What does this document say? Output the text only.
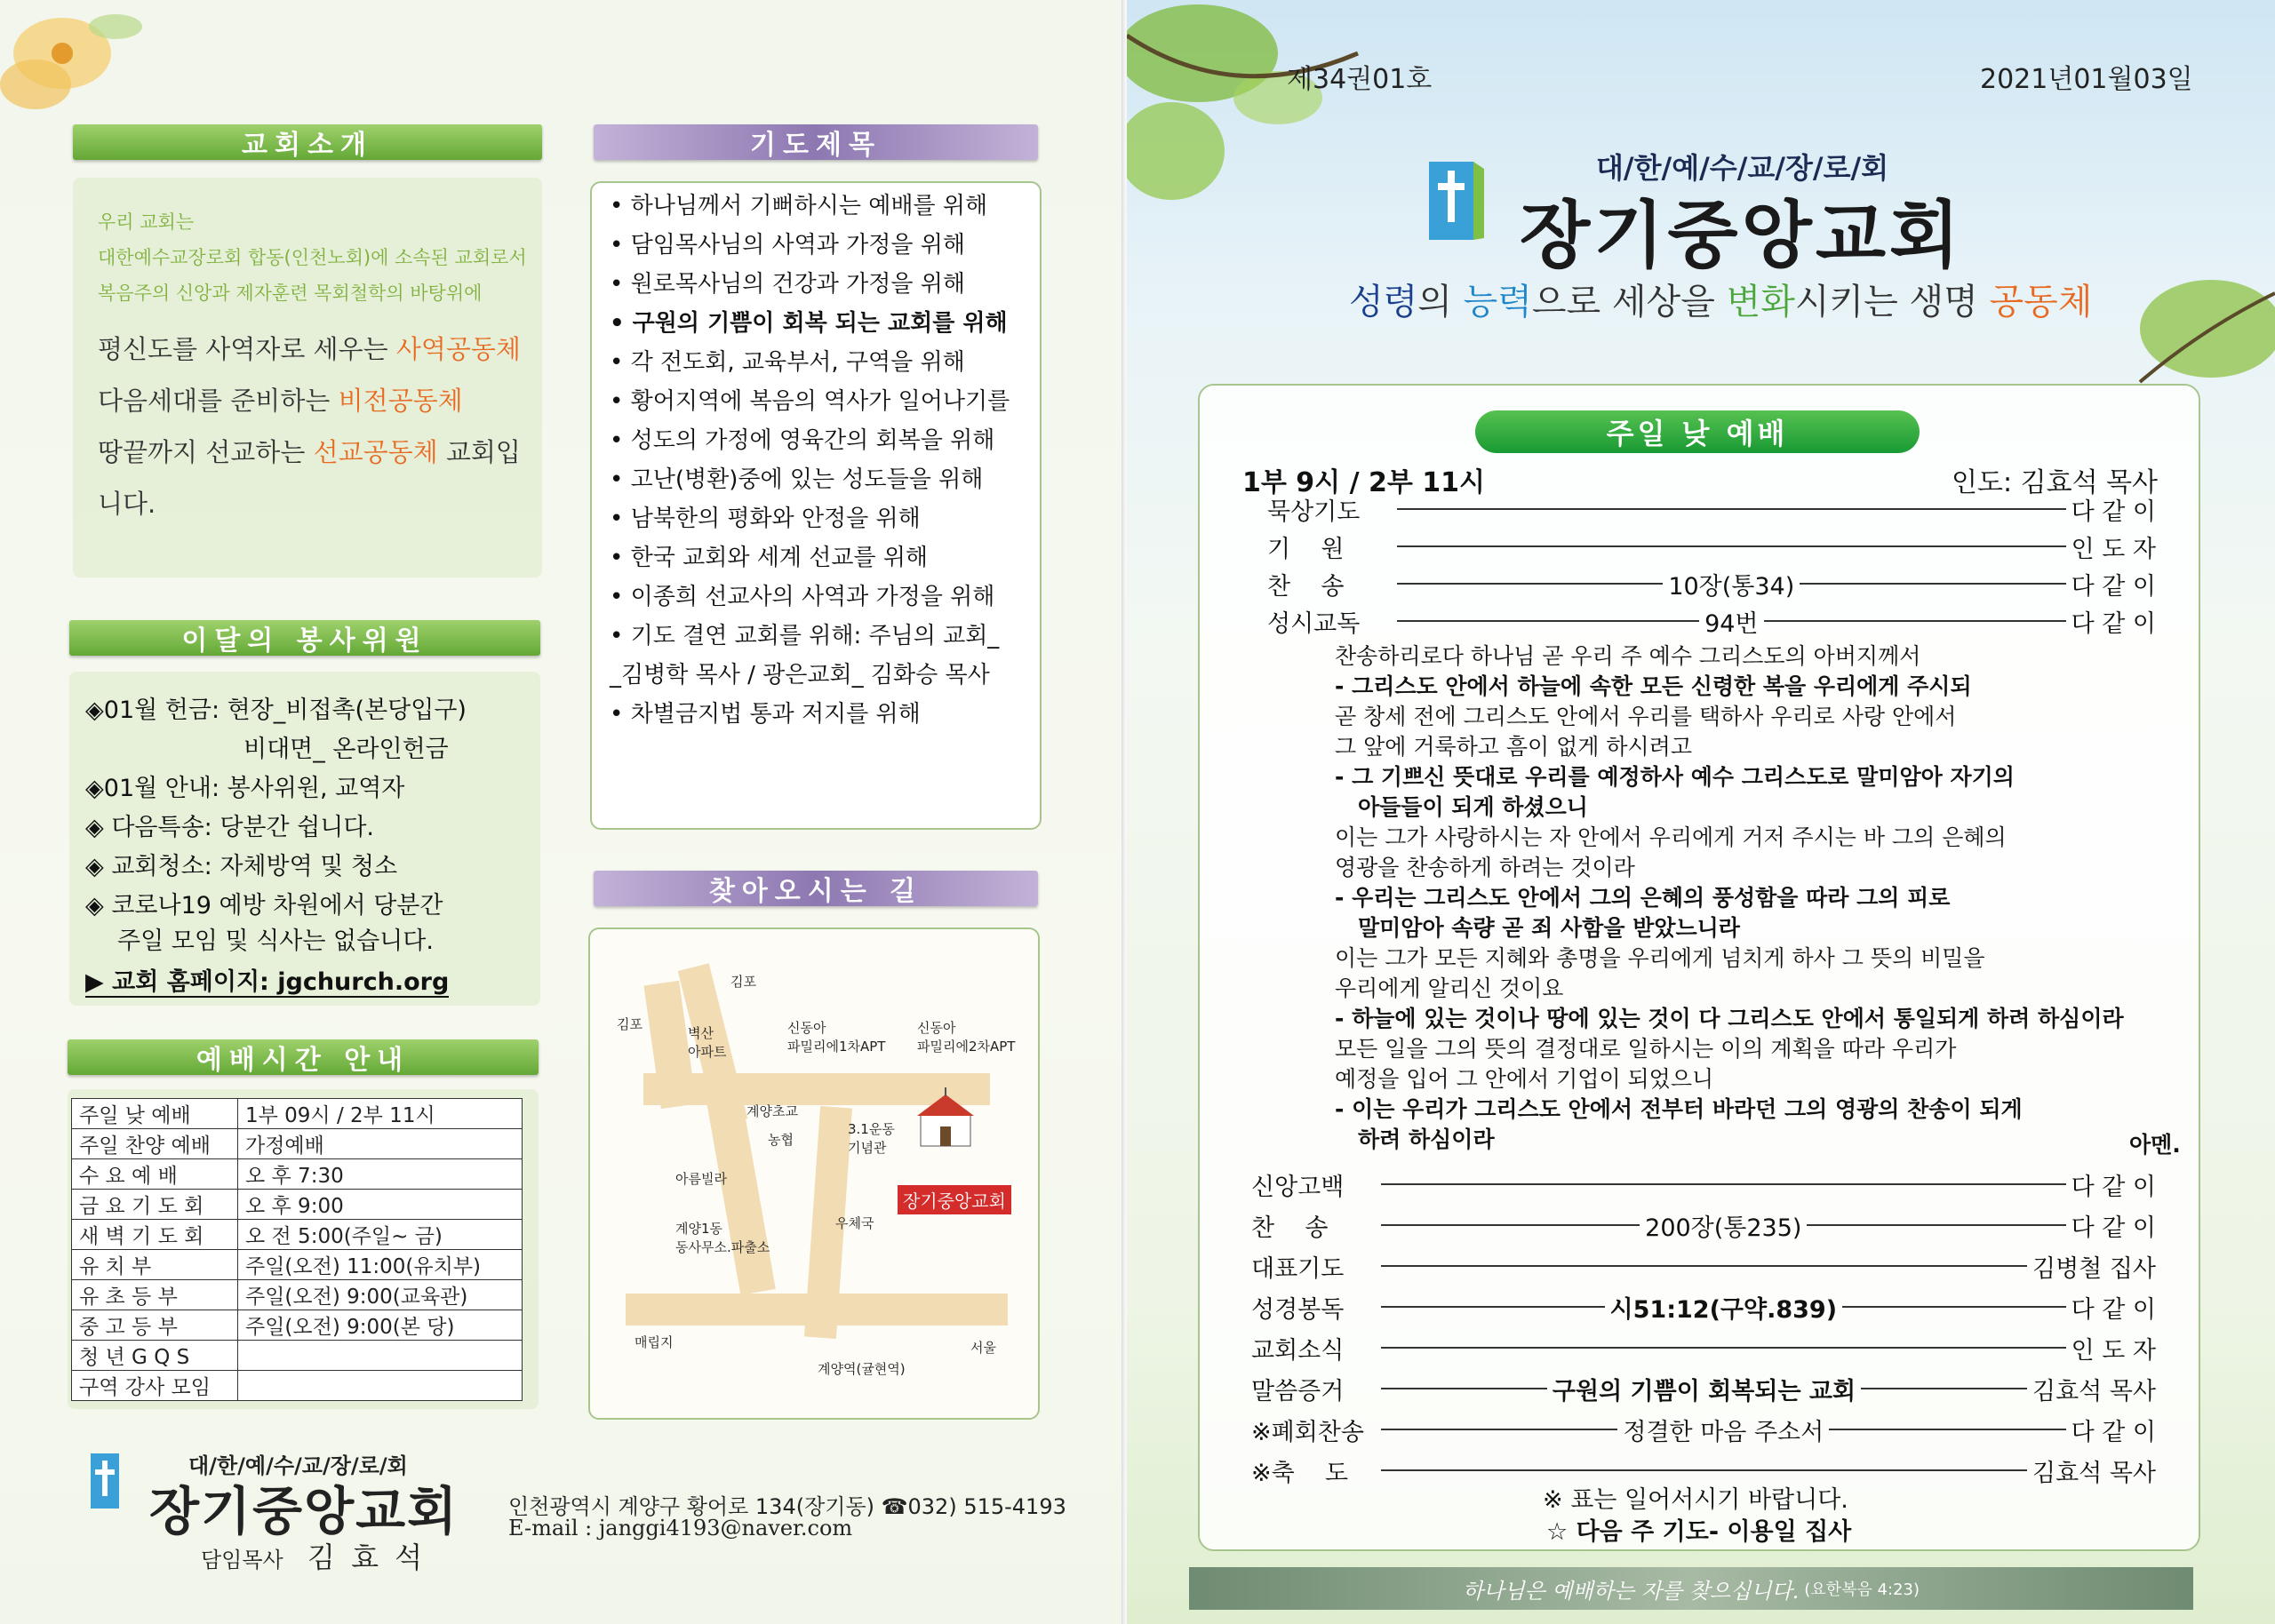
교회소개
우리 교회는
대한예수교장로회 합동(인천노회)에 소속된 교회로서
복음주의 신앙과 제자훈련 목회철학의 바탕위에
평신도를 사역자로 세우는 사역공동체
다음세대를 준비하는 비전공동체
땅끝까지 선교하는 선교공동체 교회입니다.
이달의 봉사위원
◈01월 헌금: 현장_비접촉(본당입구)
비대면_ 온라인헌금
◈01월 안내: 봉사위원, 교역자
◈ 다음특송: 당분간 쉽니다.
◈ 교회청소: 자체방역 및 청소
◈ 코로나19 예방 차원에서 당분간
주일 모임 및 식사는 없습니다.
▶ 교회 홈페이지: jgchurch.org
예배시간 안내
주일 낮 예배	1부 09시 / 2부 11시
주일 찬양 예배	가정예배
수 요 예 배	오 후 7:30
금 요 기 도 회	오 후 9:00
새 벽 기 도 회	오 전 5:00(주일~ 금)
유 치 부	주일(오전) 11:00(유치부)
유 초 등 부	주일(오전) 9:00(교육관)
중 고 등 부	주일(오전) 9:00(본 당)
청 년 G Q S	
구역 강사 모임	
기도제목
• 하나님께서 기뻐하시는 예배를 위해
• 담임목사님의 사역과 가정을 위해
• 원로목사님의 건강과 가정을 위해
• 구원의 기쁨이 회복 되는 교회를 위해
• 각 전도회, 교육부서, 구역을 위해
• 황어지역에 복음의 역사가 일어나기를
• 성도의 가정에 영육간의 회복을 위해
• 고난(병환)중에 있는 성도들을 위해
• 남북한의 평화와 안정을 위해
• 한국 교회와 세계 선교를 위해
• 이종희 선교사의 사역과 가정을 위해
• 기도 결연 교회를 위해: 주님의 교회_
_김병학 목사 / 광은교회_ 김화승 목사
• 차별금지법 통과 저지를 위해
찾아오시는 길
김포
김포
벽산
아파트
신동아
파밀리에1차APT
신동아
파밀리에2차APT
계양초교
농협
3.1운동
기념관
아름빌라
계양1동
동사무소.파출소
우체국
매립지	서울
계양역(귤현역)
장기중앙교회
대/한/예/수/교/장/로/회
장기중앙교회
담임목사 김 효 석
인천광역시 계양구 황어로 134(장기동) ☎032) 515-4193
E-mail : janggi4193@naver.com
제34권01호	2021년01월03일
대/한/예/수/교/장/로/회
장기중앙교회
성령의 능력으로 세상을 변화시키는 생명 공동체
주일 낮 예배
1부 9시 / 2부 11시	인도: 김효석 목사
묵상기도	다 같 이
기    원	인 도 자
찬    송	10장(통34)	다 같 이
성시교독	94번	다 같 이
찬송하리로다 하나님 곧 우리 주 예수 그리스도의 아버지께서
- 그리스도 안에서 하늘에 속한 모든 신령한 복을 우리에게 주시되
곧 창세 전에 그리스도 안에서 우리를 택하사 우리로 사랑 안에서
그 앞에 거룩하고 흠이 없게 하시려고
- 그 기쁘신 뜻대로 우리를 예정하사 예수 그리스도로 말미암아 자기의
아들들이 되게 하셨으니
이는 그가 사랑하시는 자 안에서 우리에게 거저 주시는 바 그의 은혜의
영광을 찬송하게 하려는 것이라
- 우리는 그리스도 안에서 그의 은혜의 풍성함을 따라 그의 피로
말미암아 속량 곧 죄 사함을 받았느니라
이는 그가 모든 지혜와 총명을 우리에게 넘치게 하사 그 뜻의 비밀을
우리에게 알리신 것이요
- 하늘에 있는 것이나 땅에 있는 것이 다 그리스도 안에서 통일되게 하려 하심이라
모든 일을 그의 뜻의 결정대로 일하시는 이의 계획을 따라 우리가
예정을 입어 그 안에서 기업이 되었으니
- 이는 우리가 그리스도 안에서 전부터 바라던 그의 영광의 찬송이 되게
하려 하심이라	아멘.
신앙고백	다 같 이
찬    송	200장(통235)	다 같 이
대표기도	김병철 집사
성경봉독	시51:12(구약.839)	다 같 이
교회소식	인 도 자
말씀증거	구원의 기쁨이 회복되는 교회	김효석 목사
※폐회찬송	정결한 마음 주소서	다 같 이
※축    도	김효석 목사
※ 표는 일어서시기 바랍니다.
☆ 다음 주 기도- 이용일 집사
하나님은 예배하는 자를 찾으십니다. (요한복음 4:23)
